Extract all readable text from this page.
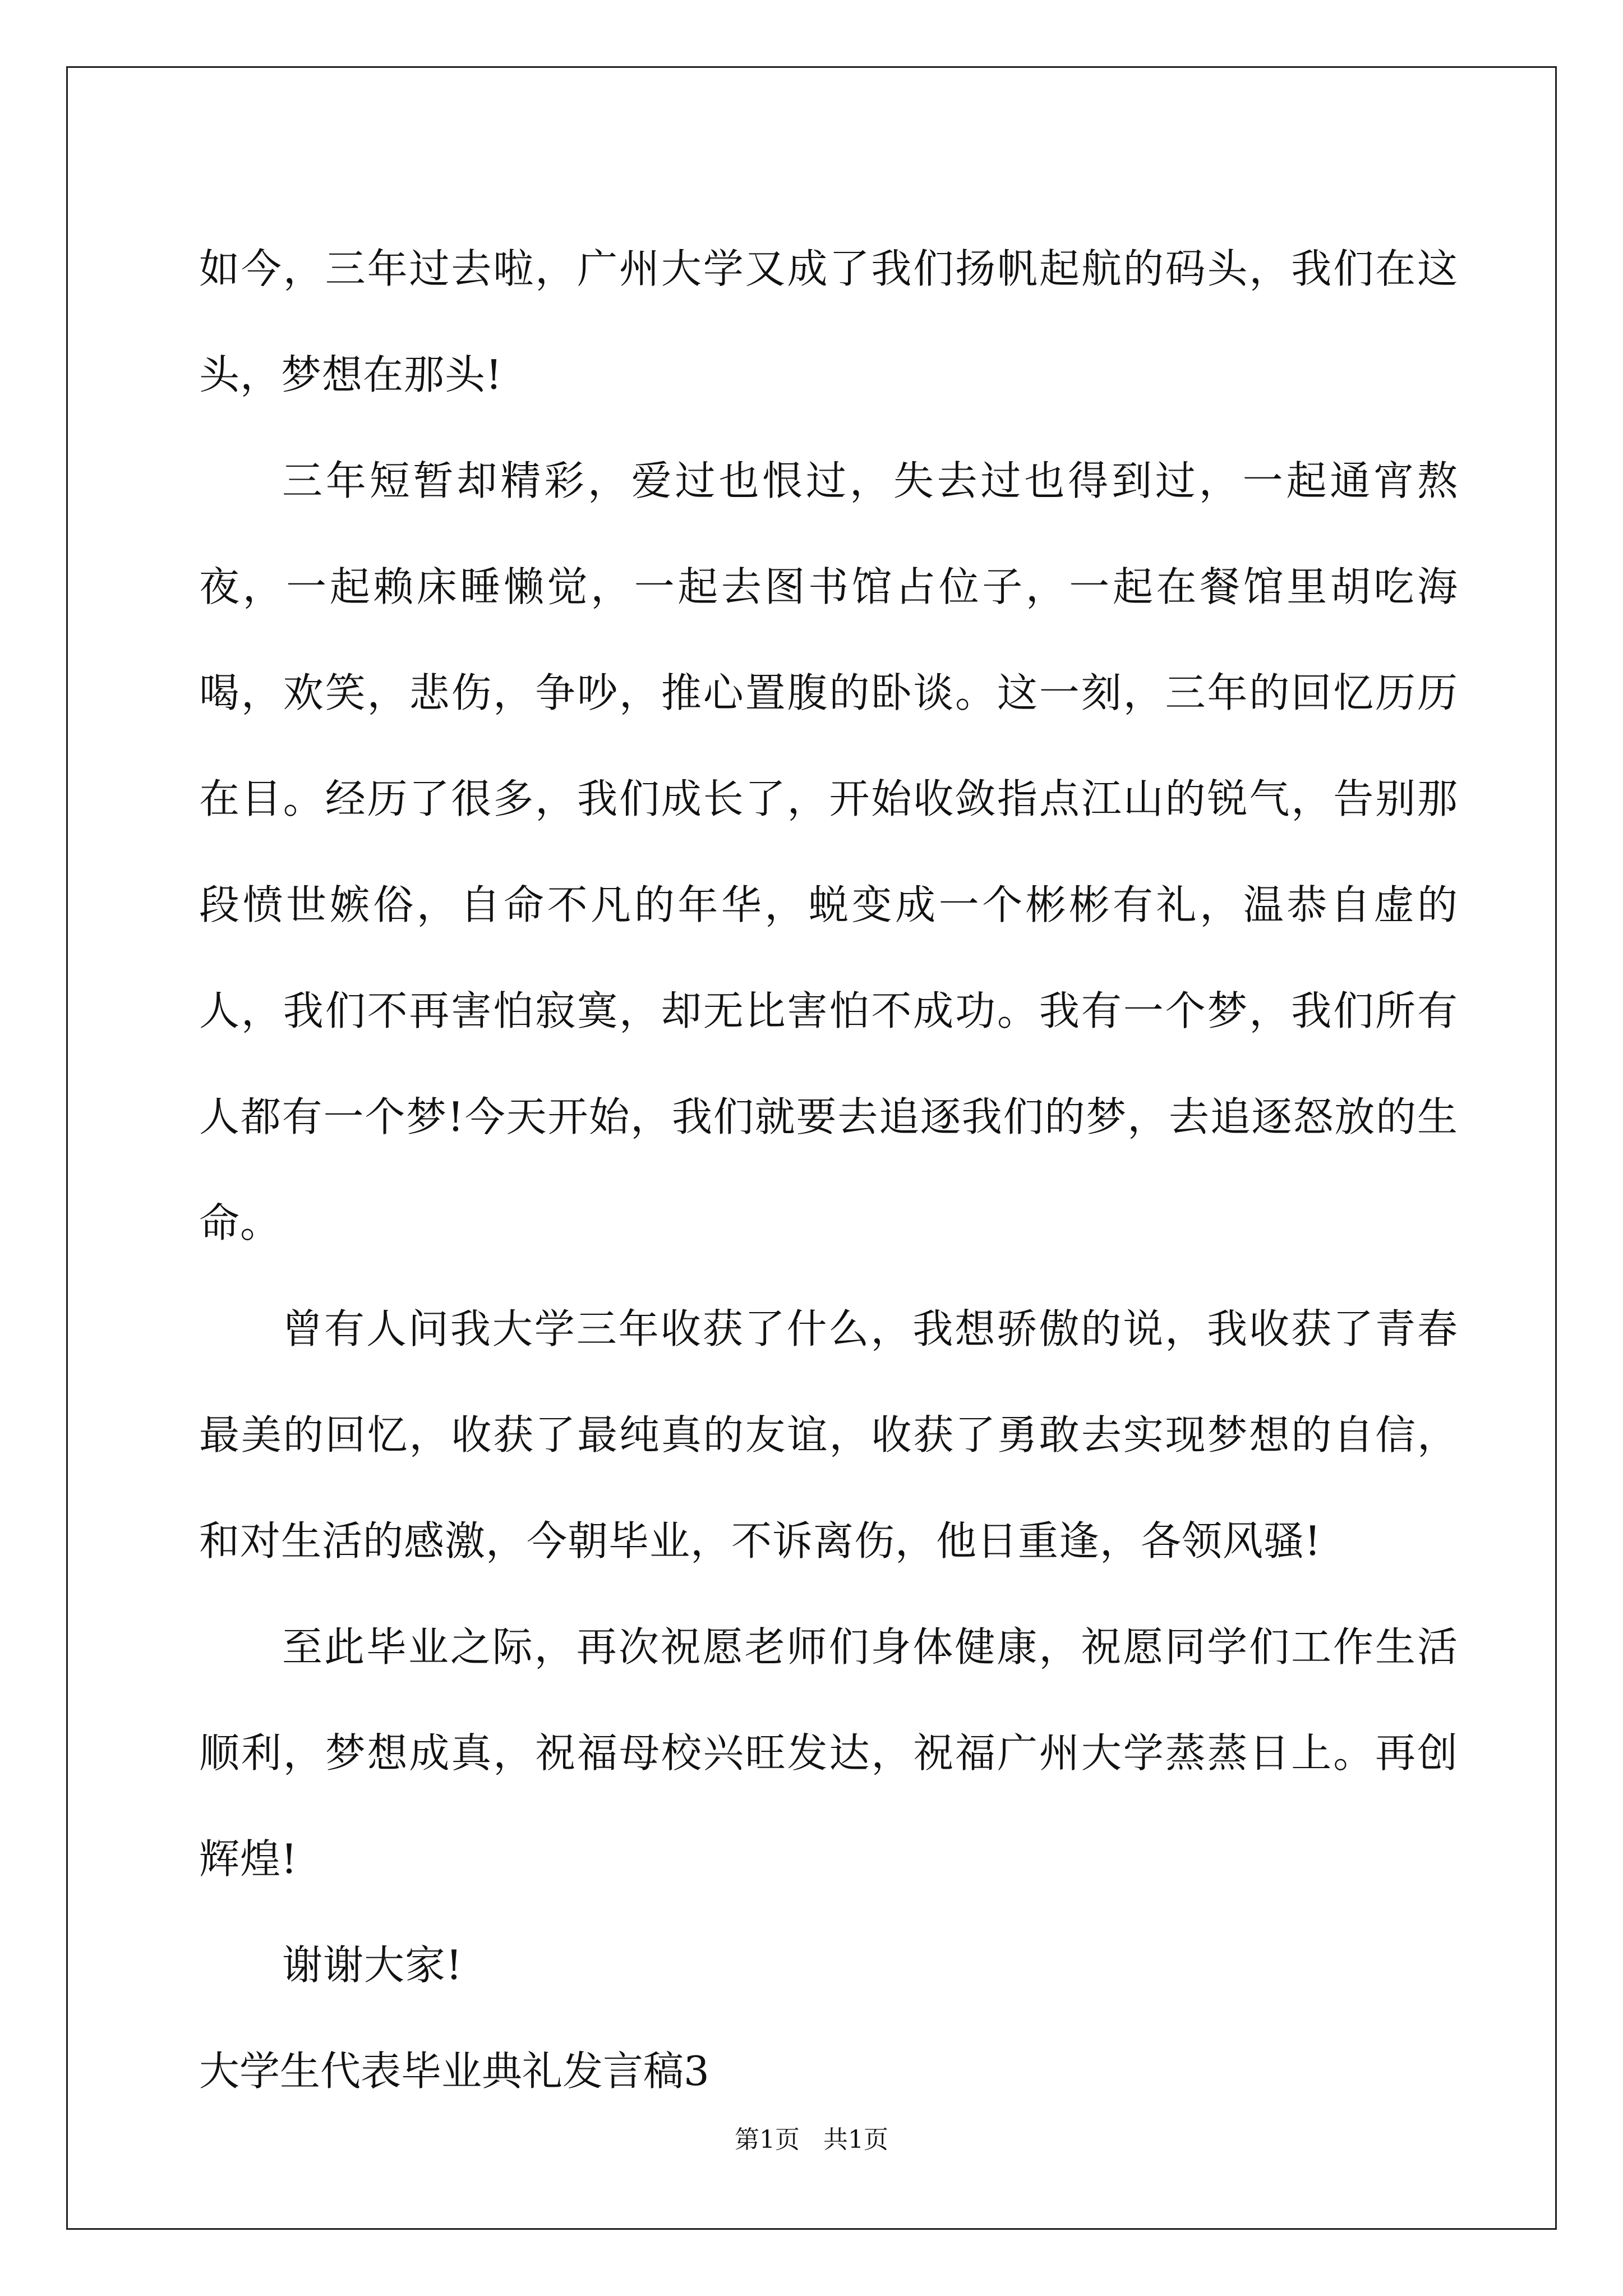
如今，三年过去啦，广州大学又成了我们扬帆起航的码头，我们在这头，梦想在那头!

三年短暂却精彩，爱过也恨过，失去过也得到过，一起通宵熬夜，一起赖床睡懒觉，一起去图书馆占位子，一起在餐馆里胡吃海喝，欢笑，悲伤，争吵，推心置腹的卧谈。这一刻，三年的回忆历历在目。经历了很多，我们成长了，开始收敛指点江山的锐气，告别那段愤世嫉俗，自命不凡的年华，蜕变成一个彬彬有礼，温恭自虚的人，我们不再害怕寂寞，却无比害怕不成功。我有一个梦，我们所有人都有一个梦!今天开始，我们就要去追逐我们的梦，去追逐怒放的生命。

曾有人问我大学三年收获了什么，我想骄傲的说，我收获了青春最美的回忆，收获了最纯真的友谊，收获了勇敢去实现梦想的自信，和对生活的感激，今朝毕业，不诉离伤，他日重逢，各领风骚!

至此毕业之际，再次祝愿老师们身体健康，祝愿同学们工作生活顺利，梦想成真，祝福母校兴旺发达，祝福广州大学蒸蒸日上。再创辉煌!

谢谢大家!

大学生代表毕业典礼发言稿3

第1页 共1页
